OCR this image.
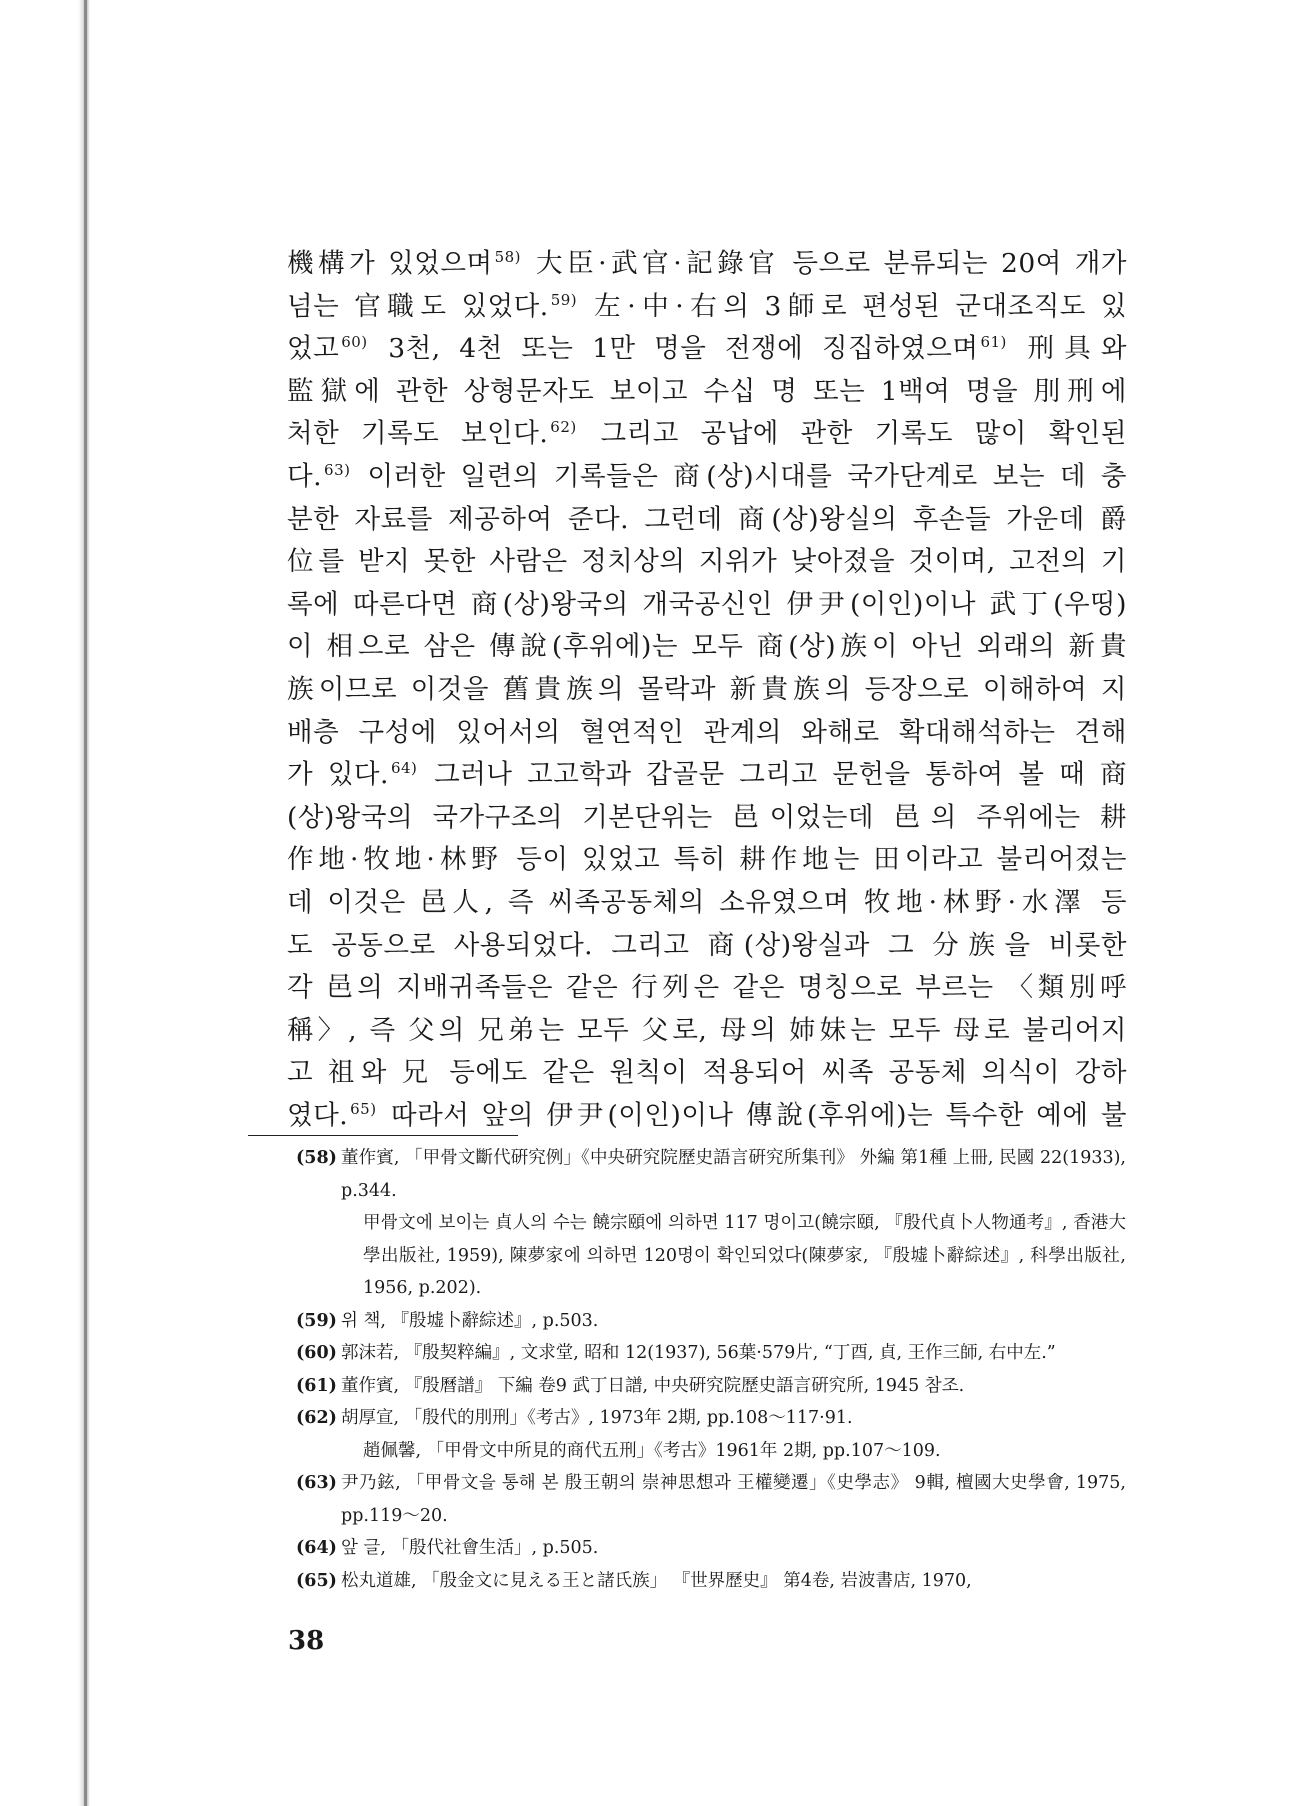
機構가 있었으며 $^{58)}$ 大臣·武官·記錄官 등으로 분류되는 20여 개가
넘는 官職도 있었다. $^{59)}$ 左·中·右의 3師로 편성된 군대조직도 있
었고 $^{60)}$ 3천, 4천 또는 1만 명을 전쟁에 징집하였으며 $^{61)}$ 刑具와
監獄에 관한 상형문자도 보이고 수십 명 또는 1백여 명을 刖刑에
처한 기록도 보인다. $^{62)}$ 그리고 공납에 관한 기록도 많이 확인된
다. $^{63)}$ 이러한 일련의 기록들은 商(상)시대를 국가단계로 보는 데 충
분한 자료를 제공하여 준다. 그런데 商(상)왕실의 후손들 가운데 爵
位를 받지 못한 사람은 정치상의 지위가 낮아졌을 것이며, 고전의 기
록에 따른다면 商(상)왕국의 개국공신인 伊尹(이인)이나 武丁(우띵)
이 相으로 삼은 傳說(후위에)는 모두 商(상)族이 아닌 외래의 新貴
族이므로 이것을 舊貴族의 몰락과 新貴族의 등장으로 이해하여 지
배층 구성에 있어서의 혈연적인 관계의 와해로 확대해석하는 견해
가 있다. $^{64)}$ 그러나 고고학과 갑골문 그리고 문헌을 통하여 볼 때 商
(상)왕국의 국가구조의 기본단위는 邑이었는데 邑의 주위에는 耕
作地·牧地·林野 등이 있었고 특히 耕作地는 田이라고 불리어졌는
데 이것은 邑人, 즉 씨족공동체의 소유였으며 牧地·林野·水澤 등
도 공동으로 사용되었다. 그리고 商(상)왕실과 그 分族을 비롯한
각 邑의 지배귀족들은 같은 行列은 같은 명칭으로 부르는 〈類別呼
稱〉, 즉 父의 兄弟는 모두 父로, 母의 姉妹는 모두 母로 불리어지
고 祖와 兄 등에도 같은 원칙이 적용되어 씨족 공동체 의식이 강하
였다. $^{65)}$ 따라서 앞의 伊尹(이인)이나 傳說(후위에)는 특수한 예에 불
(58) 董作賓, 「甲骨文斷代硏究例」《中央硏究院歷史語言硏究所集刊》 外編 第1種 上冊, 民國 22(1933), p.344.
甲骨文에 보이는 貞人의 수는 饒宗頤에 의하면 117 명이고(饒宗頤, 『殷代貞卜人物通考』, 香港大學出版社, 1959), 陳夢家에 의하면 120명이 확인되었다(陳夢家, 『殷墟卜辭綜述』, 科學出版社, 1956, p.202).
(59) 위 책, 『殷墟卜辭綜述』, p.503.
(60) 郭沫若, 『殷契粹編』, 文求堂, 昭和 12(1937), 56葉·579片, “丁酉, 貞, 王作三師, 右中左.”
(61) 董作賓, 『殷曆譜』 下編 卷9 武丁日譜, 中央硏究院歷史語言硏究所, 1945 참조.
(62) 胡厚宣, 「殷代的刖刑」《考古》, 1973年 2期, pp.108～117·91.
趙佩馨, 「甲骨文中所見的商代五刑」《考古》1961年 2期, pp.107～109.
(63) 尹乃鉉, 「甲骨文을 통해 본 殷王朝의 崇神思想과 王權變遷」《史學志》 9輯, 檀國大史學會, 1975, pp.119～20.
(64) 앞 글, 「殷代社會生活」, p.505.
(65) 松丸道雄, 「殷金文に見える王と諸氏族」 『世界歷史』 第4卷, 岩波書店, 1970,
38
